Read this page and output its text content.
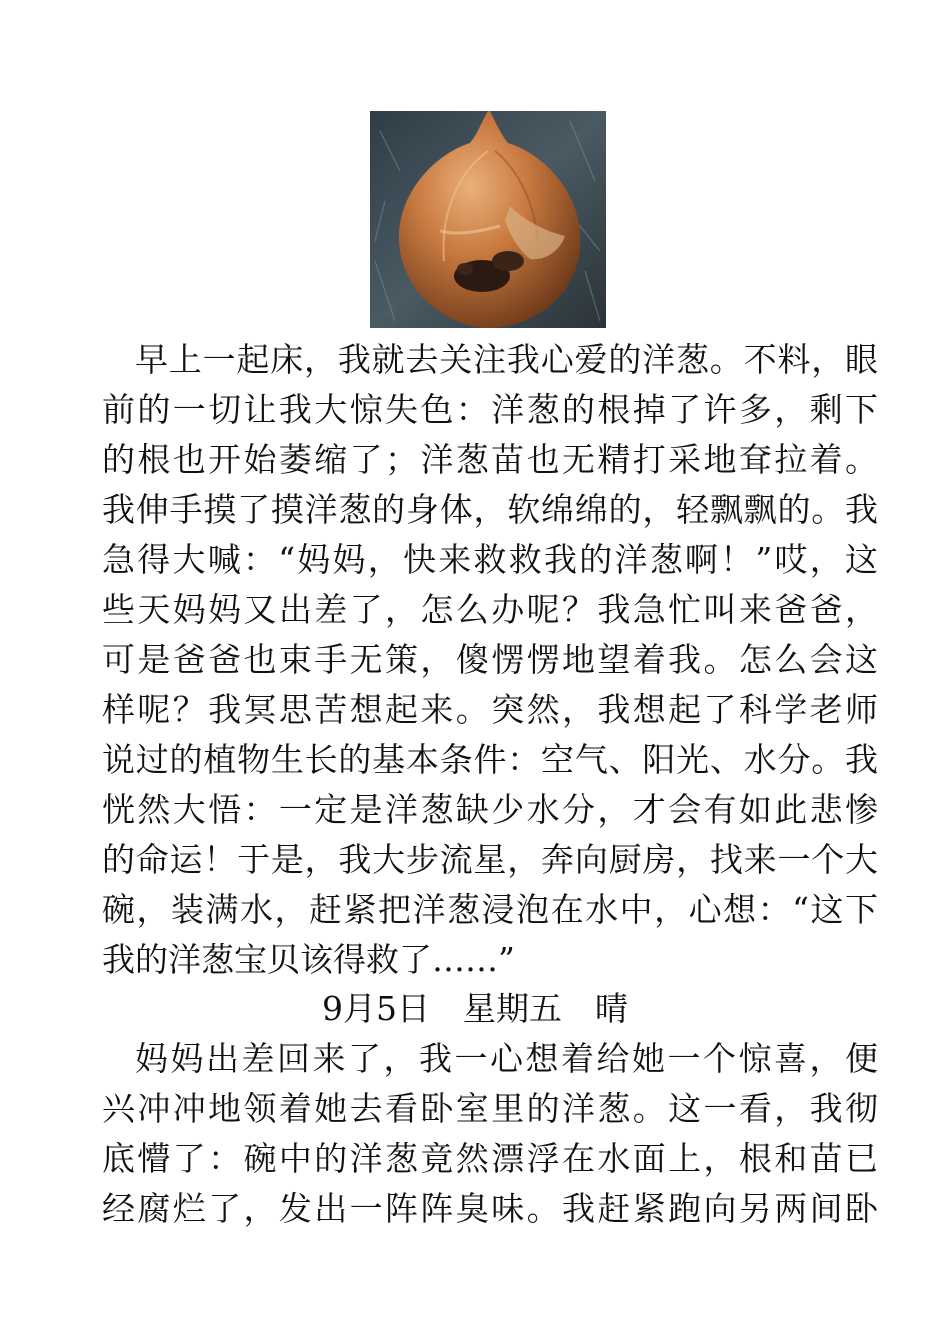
早上一起床，我就去关注我心爱的洋葱。不料，眼
前的一切让我大惊失色：洋葱的根掉了许多，剩下
的根也开始萎缩了；洋葱苗也无精打采地耷拉着。
我伸手摸了摸洋葱的身体，软绵绵的，轻飘飘的。我
急得大喊：“妈妈，快来救救我的洋葱啊！”哎，这
些天妈妈又出差了，怎么办呢？我急忙叫来爸爸，
可是爸爸也束手无策，傻愣愣地望着我。怎么会这
样呢？我冥思苦想起来。突然，我想起了科学老师
说过的植物生长的基本条件：空气、阳光、水分。我
恍然大悟：一定是洋葱缺少水分，才会有如此悲惨
的命运！于是，我大步流星，奔向厨房，找来一个大
碗，装满水，赶紧把洋葱浸泡在水中，心想：“这下
我的洋葱宝贝该得救了……”
9月5日　星期五　晴
妈妈出差回来了，我一心想着给她一个惊喜，便
兴冲冲地领着她去看卧室里的洋葱。这一看，我彻
底懵了：碗中的洋葱竟然漂浮在水面上，根和苗已
经腐烂了，发出一阵阵臭味。我赶紧跑向另两间卧
